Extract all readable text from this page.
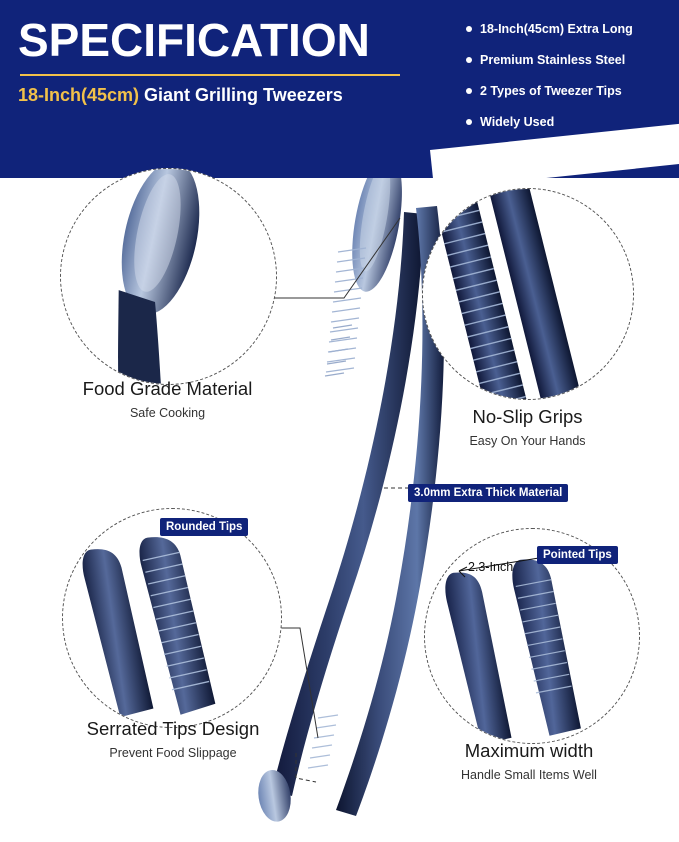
SPECIFICATION
18-Inch(45cm) Giant Grilling Tweezers
18-Inch(45cm) Extra Long
Premium Stainless Steel
2 Types of Tweezer Tips
Widely Used
Food Grade Material
Safe Cooking	No-Slip Grips
Easy On Your Hands
Rounded Tips
Serrated Tips Design
Prevent Food Slippage
2.3-Inch
Pointed Tips
Maximum width
Handle Small Items Well
3.0mm Extra Thick Material
